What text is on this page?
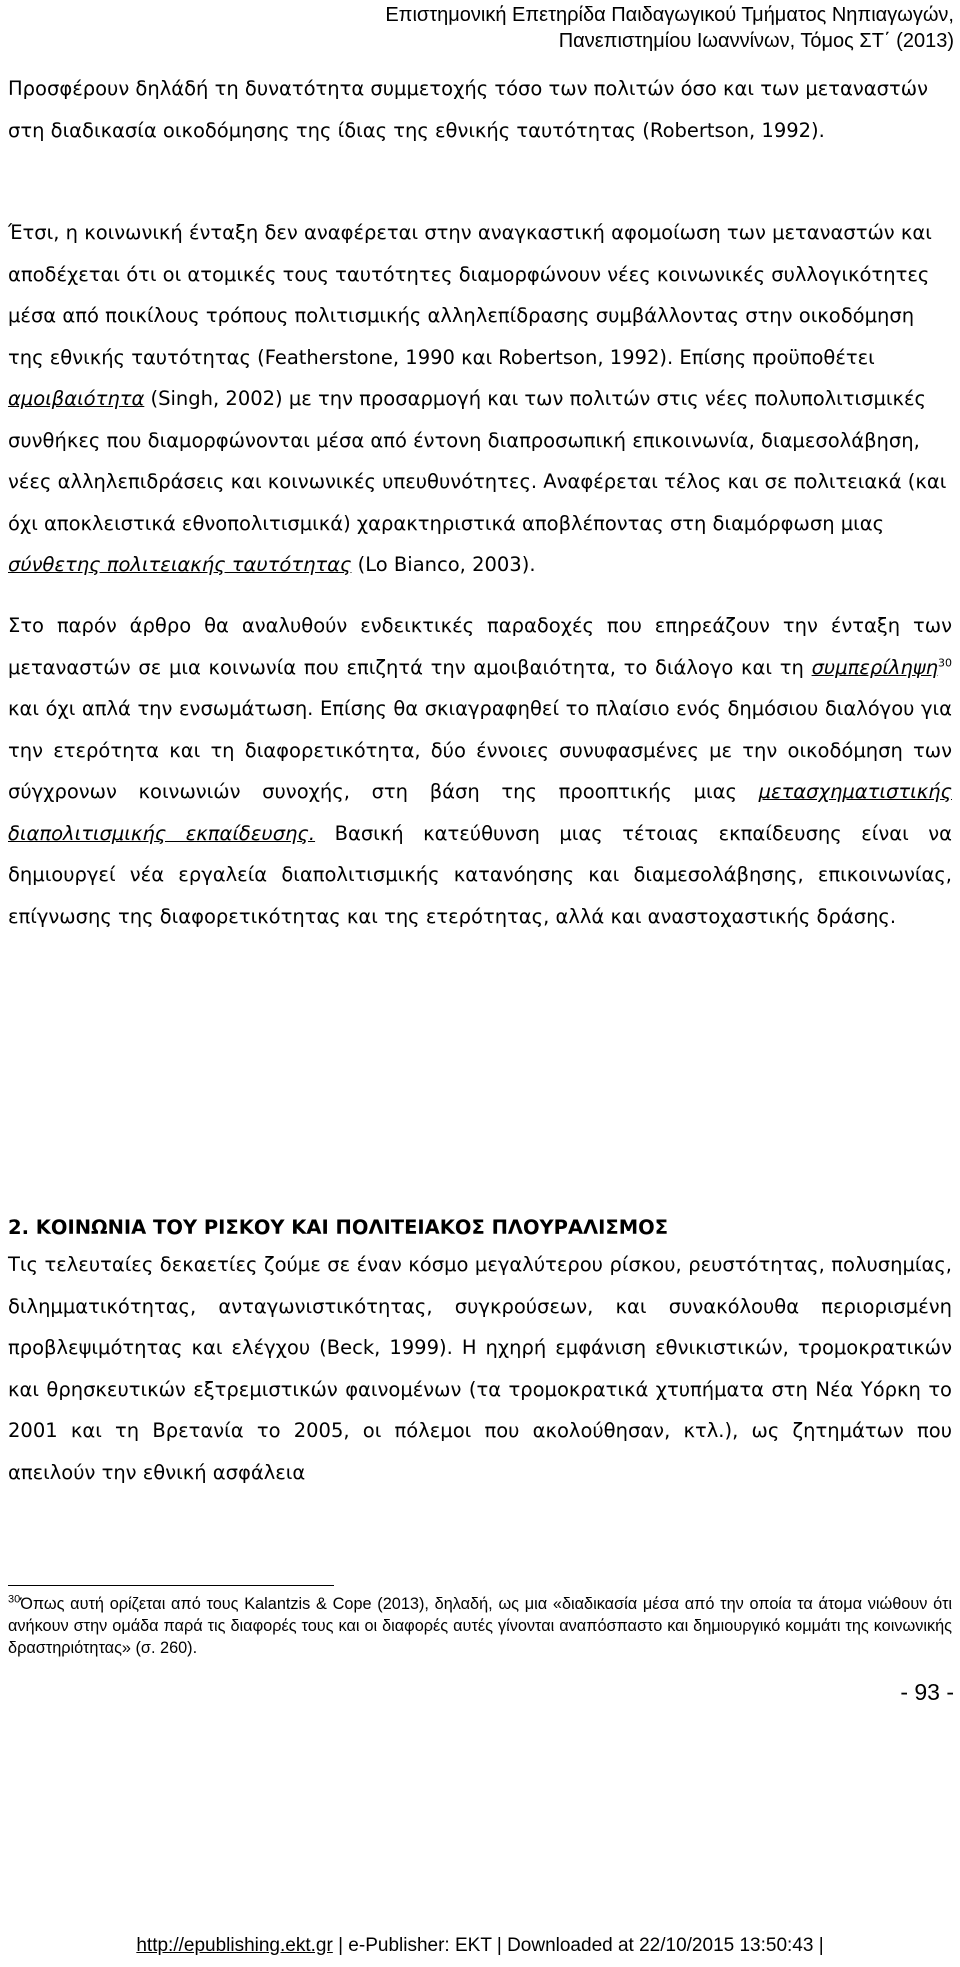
Επιστημονική Επετηρίδα Παιδαγωγικού Τμήματος Νηπιαγωγών,
Πανεπιστημίου Ιωαννίνων, Τόμος ΣΤ΄ (2013)
Προσφέρουν δηλάδή τη δυνατότητα συμμετοχής τόσο των πολιτών όσο και των μεταναστών στη διαδικασία οικοδόμησης της ίδιας της εθνικής ταυτότητας (Robertson, 1992).
Έτσι, η κοινωνική ένταξη δεν αναφέρεται στην αναγκαστική αφομοίωση των μεταναστών και αποδέχεται ότι οι ατομικές τους ταυτότητες διαμορφώνουν νέες κοινωνικές συλλογικότητες μέσα από ποικίλους τρόπους πολιτισμικής αλληλεπίδρασης συμβάλλοντας στην οικοδόμηση της εθνικής ταυτότητας (Featherstone, 1990 και Robertson, 1992). Επίσης προϋποθέτει αμοιβαιότητα (Singh, 2002) με την προσαρμογή και των πολιτών στις νέες πολυπολιτισμικές συνθήκες που διαμορφώνονται μέσα από έντονη διαπροσωπική επικοινωνία, διαμεσολάβηση, νέες αλληλεπιδράσεις και κοινωνικές υπευθυνότητες. Αναφέρεται τέλος και σε πολιτειακά (και όχι αποκλειστικά εθνοπολιτισμικά) χαρακτηριστικά αποβλέποντας στη διαμόρφωση μιας σύνθετης πολιτειακής ταυτότητας (Lo Bianco, 2003).
Στο παρόν άρθρο θα αναλυθούν ενδεικτικές παραδοχές που επηρεάζουν την ένταξη των μεταναστών σε μια κοινωνία που επιζητά την αμοιβαιότητα, το διάλογο και τη συμπερίληψη$^{30}$ και όχι απλά την ενσωμάτωση. Επίσης θα σκιαγραφηθεί το πλαίσιο ενός δημόσιου διαλόγου για την ετερότητα και τη διαφορετικότητα, δύο έννοιες συνυφασμένες με την οικοδόμηση των σύγχρονων κοινωνιών συνοχής, στη βάση της προοπτικής μιας μετασχηματιστικής διαπολιτισμικής εκπαίδευσης. Βασική κατεύθυνση μιας τέτοιας εκπαίδευσης είναι να δημιουργεί νέα εργαλεία διαπολιτισμικής κατανόησης και διαμεσολάβησης, επικοινωνίας, επίγνωσης της διαφορετικότητας και της ετερότητας, αλλά και αναστοχαστικής δράσης.
2. ΚΟΙΝΩΝΙΑ ΤΟΥ ΡΙΣΚΟΥ ΚΑΙ ΠΟΛΙΤΕΙΑΚΟΣ ΠΛΟΥΡΑΛΙΣΜΟΣ
Τις τελευταίες δεκαετίες ζούμε σε έναν κόσμο μεγαλύτερου ρίσκου, ρευστότητας, πολυσημίας, διλημματικότητας, ανταγωνιστικότητας, συγκρούσεων, και συνακόλουθα περιορισμένη προβλεψιμότητας και ελέγχου (Beck, 1999). Η ηχηρή εμφάνιση εθνικιστικών, τρομοκρατικών και θρησκευτικών εξτρεμιστικών φαινομένων (τα τρομοκρατικά χτυπήματα στη Νέα Υόρκη το 2001 και τη Βρετανία το 2005, οι πόλεμοι που ακολούθησαν, κτλ.), ως ζητημάτων που απειλούν την εθνική ασφάλεια
$^{30}$Όπως αυτή ορίζεται από τους Kalantzis & Cope (2013), δηλαδή, ως μια «διαδικασία μέσα από την οποία τα άτομα νιώθουν ότι ανήκουν στην ομάδα παρά τις διαφορές τους και οι διαφορές αυτές γίνονται αναπόσπαστο και δημιουργικό κομμάτι της κοινωνικής δραστηριότητας» (σ. 260).
- 93 -
http://epublishing.ekt.gr | e-Publisher: EKT | Downloaded at 22/10/2015 13:50:43 |
